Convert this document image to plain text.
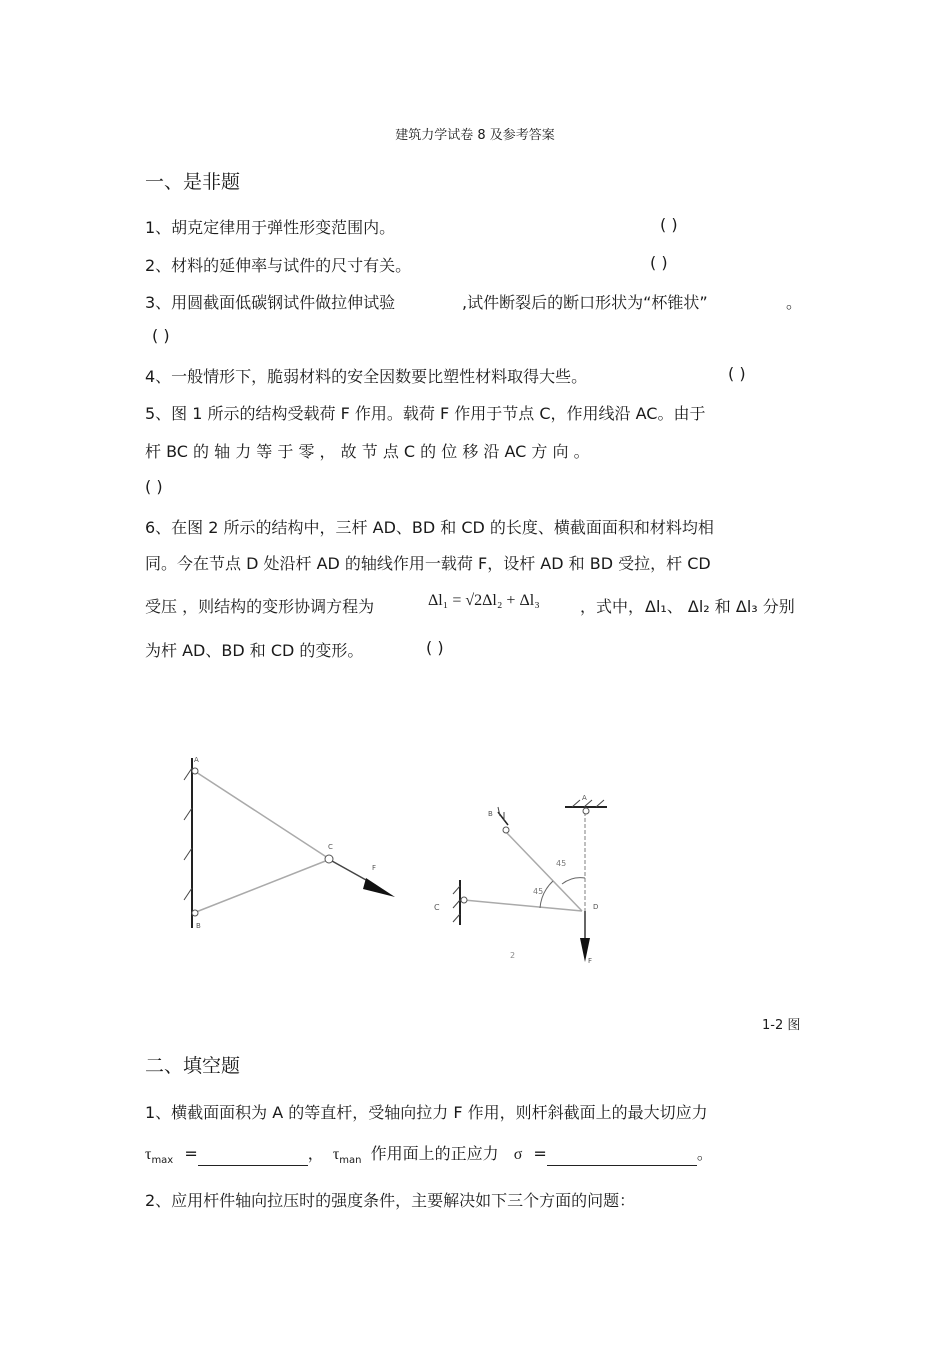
建筑力学试卷 8 及参考答案
一、是非题
1、胡克定律用于弹性形变范围内。	( )
2、材料的延伸率与试件的尺寸有关。	( )
3、用圆截面低碳钢试件做拉伸试验	,试件断裂后的断口形状为“杯锥状”	。
( )
4、一般情形下，脆弱材料的安全因数要比塑性材料取得大些。	( )
5、图 1 所示的结构受载荷 F 作用。载荷 F 作用于节点 C，作用线沿 AC。由于
杆 BC 的 轴 力 等 于 零 ， 故 节 点 C 的 位 移 沿 AC 方 向 。
( )
6、在图 2 所示的结构中，三杆 AD、BD 和 CD 的长度、横截面面积和材料均相
同。今在节点 D 处沿杆 AD 的轴线作用一载荷 F，设杆 AD 和 BD 受拉，杆 CD
受压 ，则结构的变形协调方程为	Δl₁ = √2Δl₂ + Δl₃	，式中， Δl₁、 Δl₂ 和 Δl₃ 分别
为杆 AD、BD 和 CD 的变形。	( )
A
B
C
F	45
45
A
B
C	D
F
2
1-2 图
二、填空题
1、横截面面积为 A 的等直杆，受轴向拉力 F 作用，则杆斜截面上的最大切应力
$\tau_{max}$ =	， $\tau_{man}$ 作用面上的正应力 σ =	。
2、应用杆件轴向拉压时的强度条件，主要解决如下三个方面的问题：
